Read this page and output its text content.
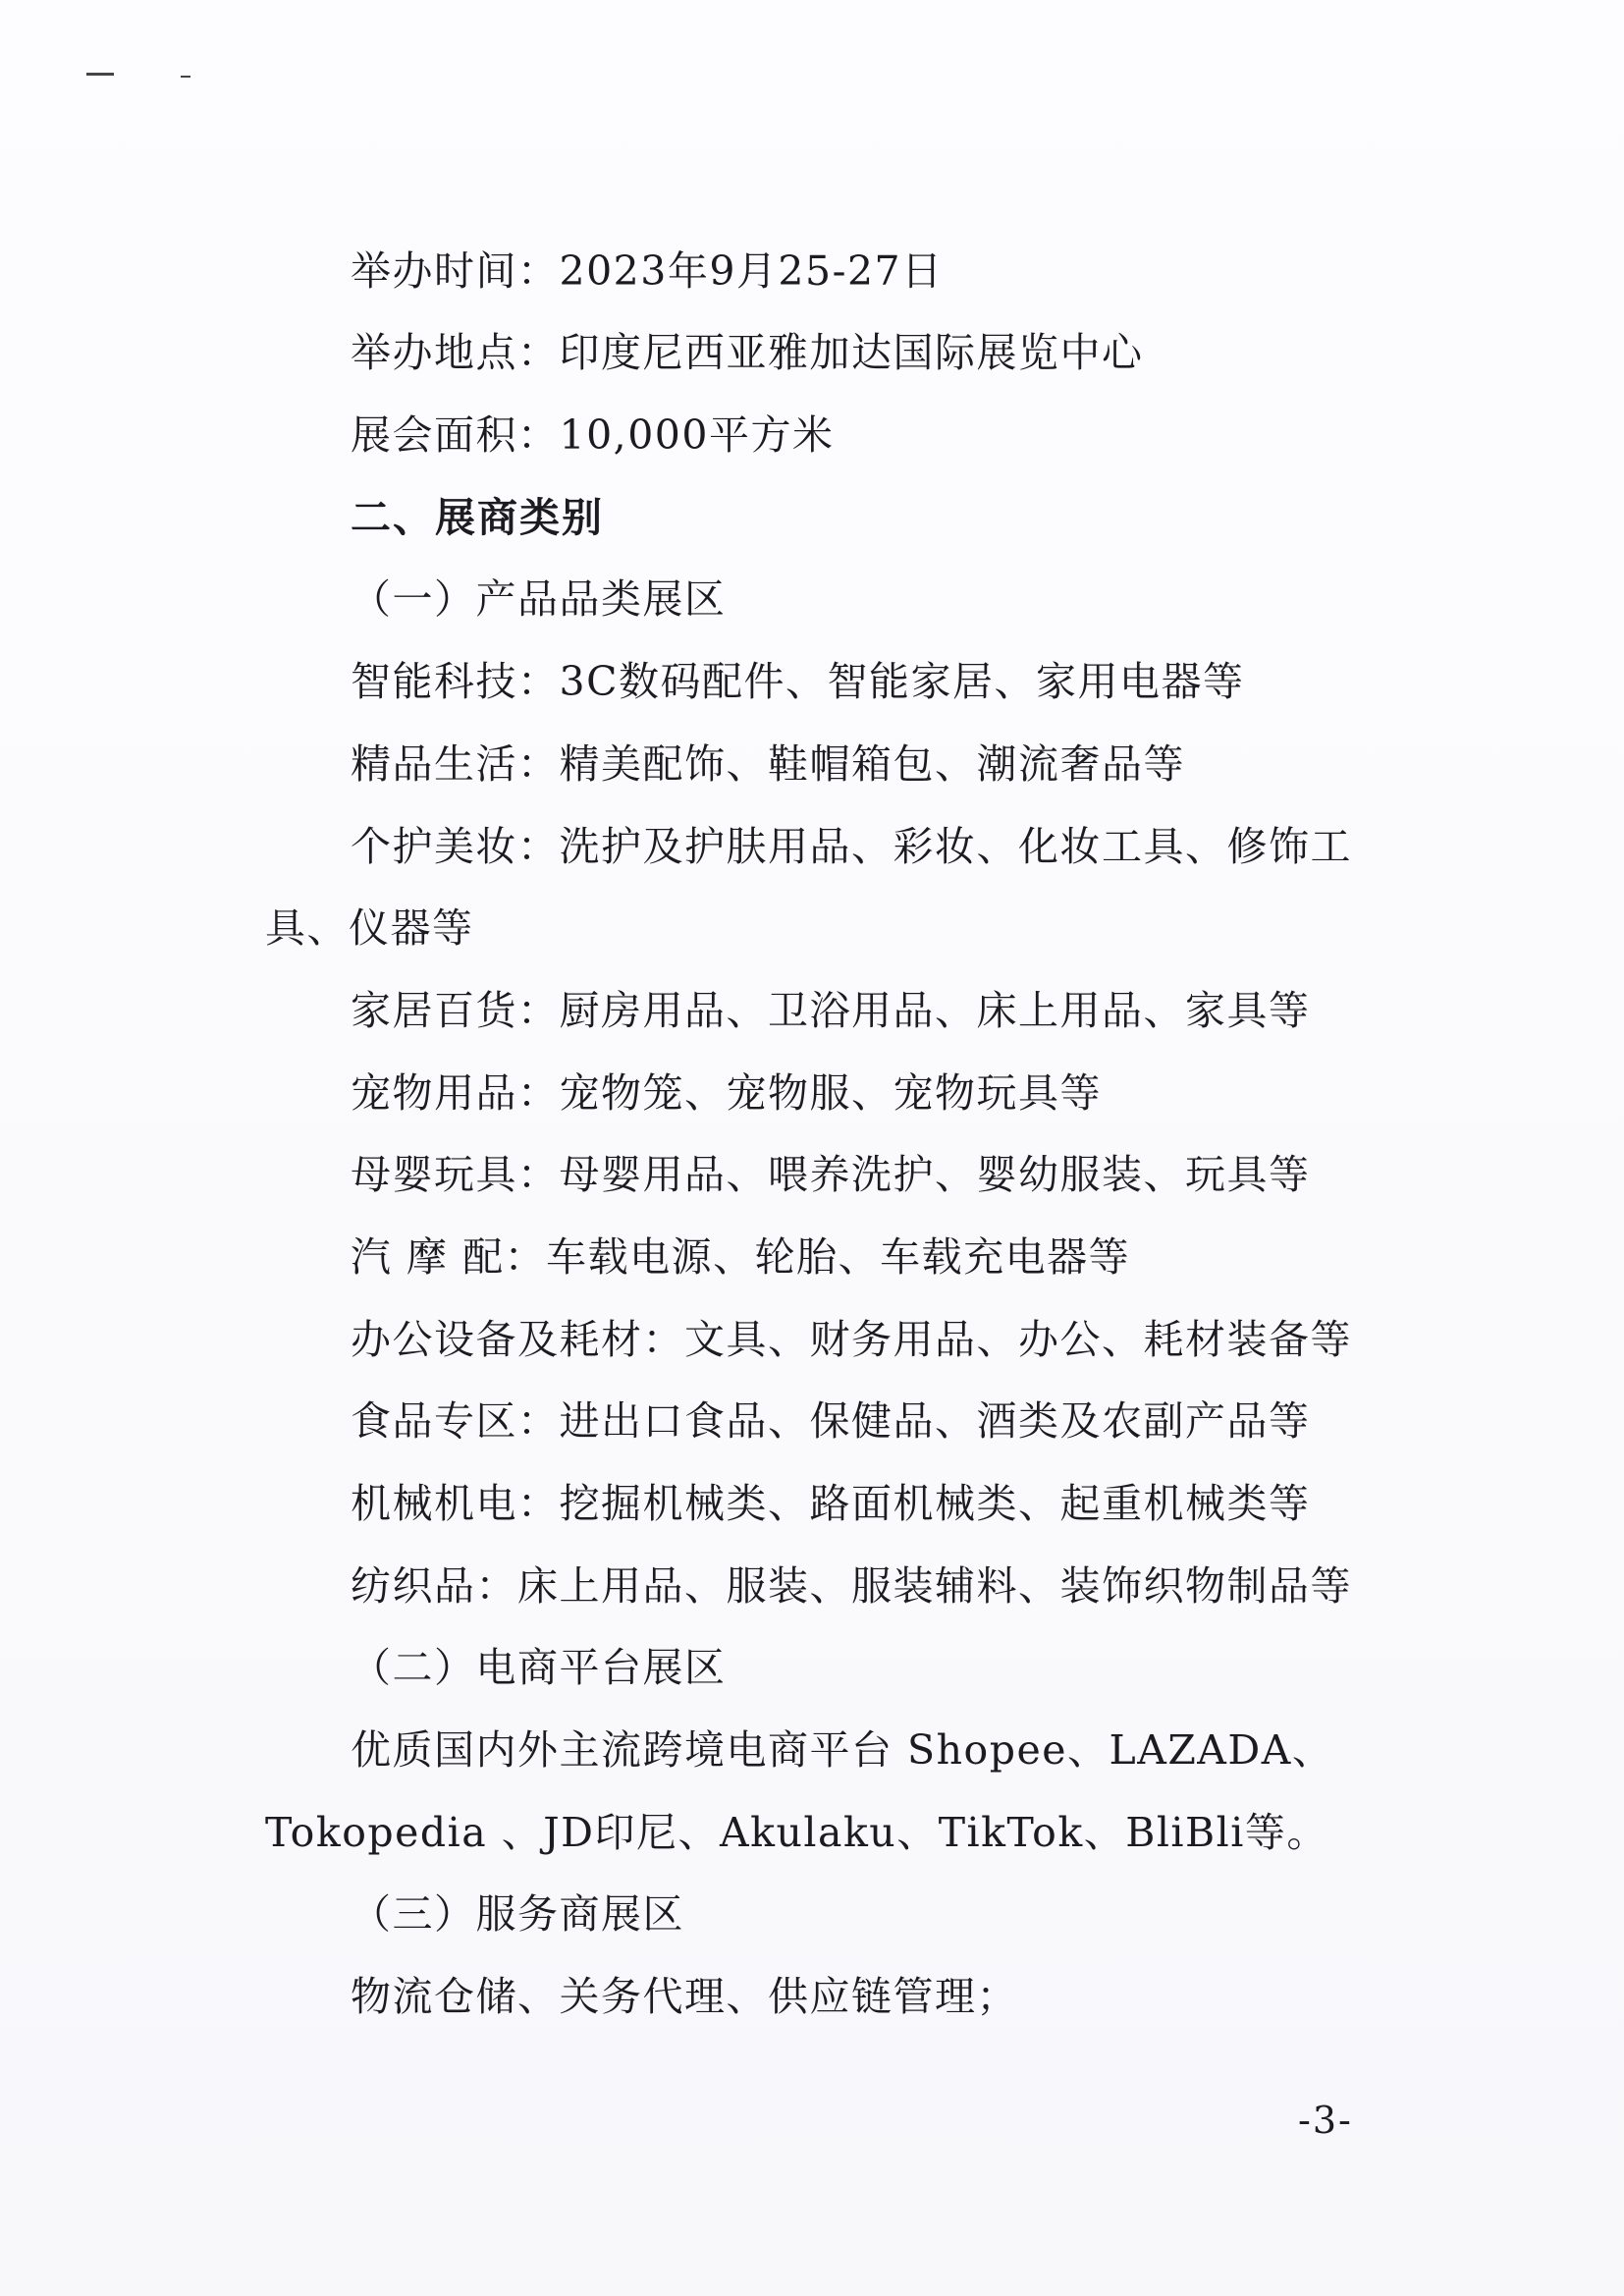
举办时间：2023年9月25-27日
举办地点：印度尼西亚雅加达国际展览中心
展会面积：10,000平方米
二、展商类别
（一）产品品类展区
智能科技：3C数码配件、智能家居、家用电器等
精品生活：精美配饰、鞋帽箱包、潮流奢品等
个护美妆：洗护及护肤用品、彩妆、化妆工具、修饰工
具、仪器等
家居百货：厨房用品、卫浴用品、床上用品、家具等
宠物用品：宠物笼、宠物服、宠物玩具等
母婴玩具：母婴用品、喂养洗护、婴幼服装、玩具等
汽 摩 配：车载电源、轮胎、车载充电器等
办公设备及耗材：文具、财务用品、办公、耗材装备等
食品专区：进出口食品、保健品、酒类及农副产品等
机械机电：挖掘机械类、路面机械类、起重机械类等
纺织品：床上用品、服装、服装辅料、装饰织物制品等
（二）电商平台展区
优质国内外主流跨境电商平台 Shopee、LAZADA、
Tokopedia 、JD印尼、Akulaku、TikTok、BliBli等。
（三）服务商展区
物流仓储、关务代理、供应链管理；
-3-
